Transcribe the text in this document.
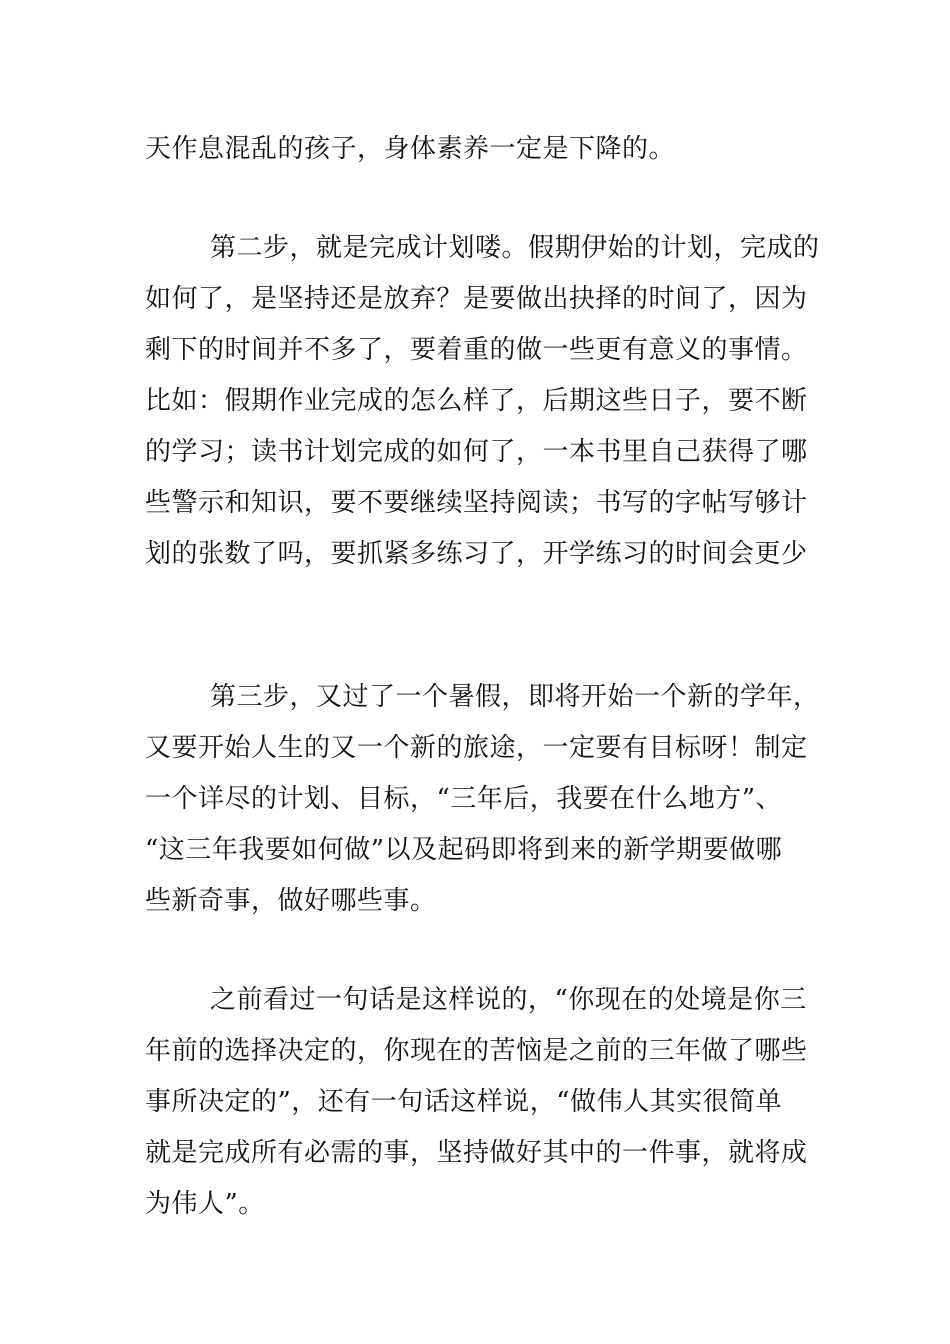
天作息混乱的孩子，身体素养一定是下降的。
第二步，就是完成计划喽。假期伊始的计划，完成的
如何了，是坚持还是放弃？是要做出抉择的时间了，因为
剩下的时间并不多了，要着重的做一些更有意义的事情。
比如：假期作业完成的怎么样了，后期这些日子，要不断
的学习；读书计划完成的如何了，一本书里自己获得了哪
些警示和知识，要不要继续坚持阅读；书写的字帖写够计
划的张数了吗，要抓紧多练习了，开学练习的时间会更少
第三步，又过了一个暑假，即将开始一个新的学年，
又要开始人生的又一个新的旅途，一定要有目标呀！制定
一个详尽的计划、目标，“三年后，我要在什么地方”、
“这三年我要如何做”以及起码即将到来的新学期要做哪
些新奇事，做好哪些事。
之前看过一句话是这样说的，“你现在的处境是你三
年前的选择决定的，你现在的苦恼是之前的三年做了哪些
事所决定的”，还有一句话这样说，“做伟人其实很简单
就是完成所有必需的事，坚持做好其中的一件事，就将成
为伟人”。
